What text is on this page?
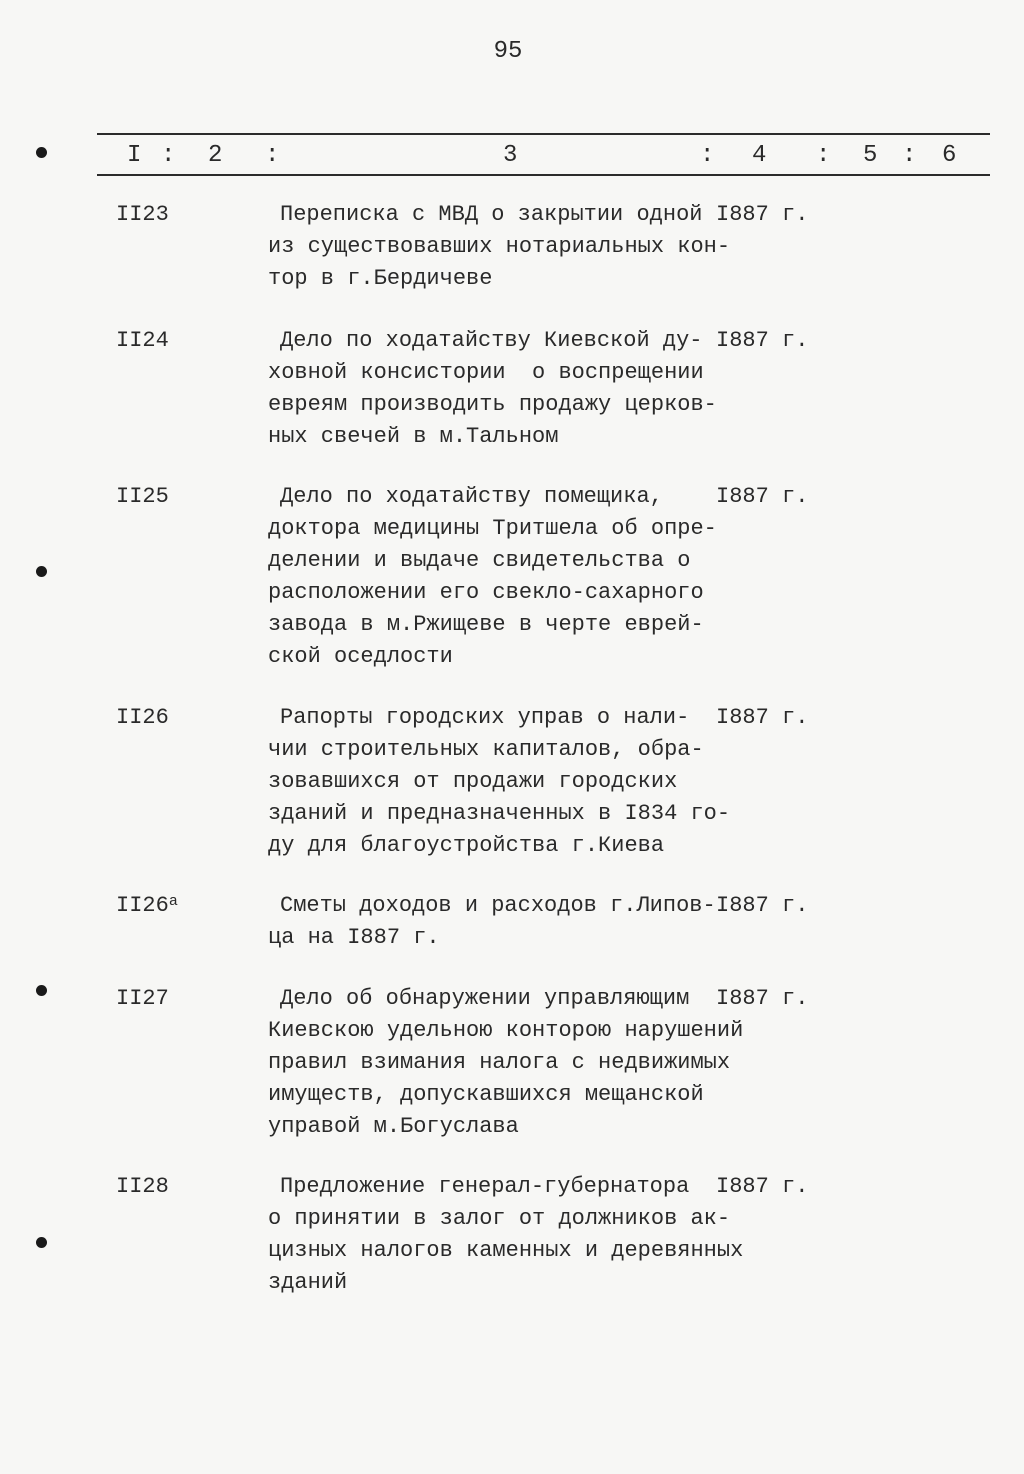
95
I : 2 :	3	: 4 : 5 : 6
II23	Переписка с МВД о закрытии одной
из существовавших нотариальных кон-
тор в г.Бердичеве
I887 г.
II24	Дело по ходатайству Киевской ду-
ховной консистории  о воспрещении
евреям производить продажу церков-
ных свечей в м.Тальном
I887 г.
II25	Дело по ходатайству помещика,
доктора медицины Тритшела об опре-
делении и выдаче свидетельства о
расположении его свекло-сахарного
завода в м.Ржищеве в черте еврей-
ской оседлости
I887 г.
II26	Рапорты городских управ о нали-
чии строительных капиталов, обра-
зовавшихся от продажи городских
зданий и предназначенных в I834 го-
ду для благоустройства г.Киева
I887 г.
$II26^а$	Сметы доходов и расходов г.Липов-
ца на I887 г.
I887 г.
II27	Дело об обнаружении управляющим
Киевскою удельною конторою нарушений
правил взимания налога с недвижимых
имуществ, допускавшихся мещанской
управой м.Богуслава
I887 г.
II28	Предложение генерал-губернатора
о принятии в залог от должников ак-
цизных налогов каменных и деревянных
зданий
I887 г.
